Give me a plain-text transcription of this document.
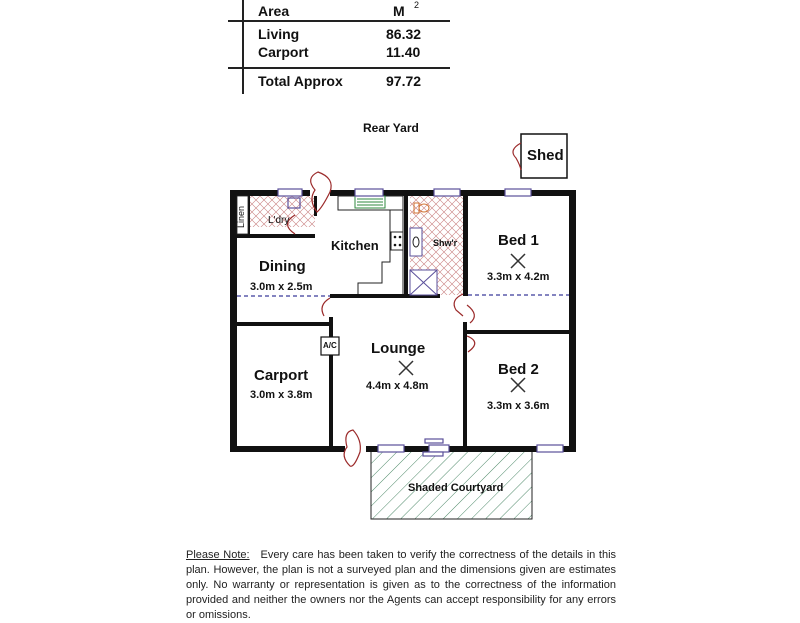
Area	M 2
Living	86.32
Carport	11.40
Total Approx	97.72
Rear Yard
Shed
Linen L'dry
Kitchen	Shw'r	Bed 1
3.3m x 4.2m
Dining
3.0m x 2.5m
Lounge
4.4m x 4.8m
Carport
3.0m x 3.8m
Bed 2
3.3m x 3.6m
A/C
Shaded Courtyard
Please Note: Every care has been taken to verify the correctness of the details in this plan. However, the plan is not a surveyed plan and the dimensions given are estimates only. No warranty or representation is given as to the correctness of the information provided and neither the owners nor the Agents can accept responsibility for any errors or omissions.
